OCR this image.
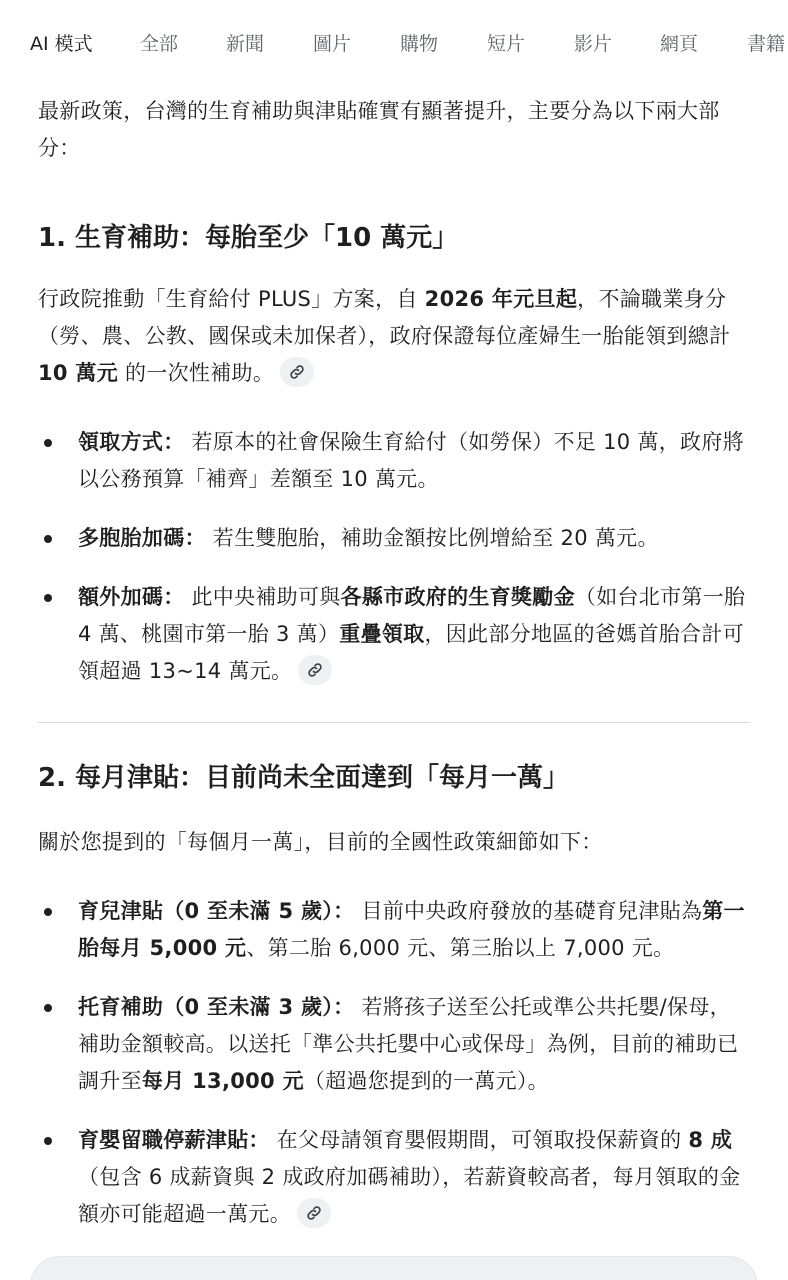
AI 模式 全部	新聞	圖片	購物	短片	影片	網頁	書籍

最新政策，台灣的生育補助與津貼確實有顯著提升，主要分為以下兩大部分：

1. 生育補助：每胎至少「10 萬元」

行政院推動「生育給付 PLUS」方案，自 2026 年元旦起，不論職業身分（勞、農、公教、國保或未加保者），政府保證每位產婦生一胎能領到總計 10 萬元 的一次性補助。

領取方式： 若原本的社會保險生育給付（如勞保）不足 10 萬，政府將以公務預算「補齊」差額至 10 萬元。
多胞胎加碼： 若生雙胞胎，補助金額按比例增給至 20 萬元。
額外加碼： 此中央補助可與各縣市政府的生育獎勵金（如台北市第一胎 4 萬、桃園市第一胎 3 萬）重疊領取，因此部分地區的爸媽首胎合計可領超過 13~14 萬元。
2. 每月津貼：目前尚未全面達到「每月一萬」

關於您提到的「每個月一萬」，目前的全國性政策細節如下：

育兒津貼（0 至未滿 5 歲）： 目前中央政府發放的基礎育兒津貼為第一胎每月 5,000 元、第二胎 6,000 元、第三胎以上 7,000 元。
托育補助（0 至未滿 3 歲）： 若將孩子送至公托或準公共托嬰/保母，補助金額較高。以送托「準公共托嬰中心或保母」為例，目前的補助已調升至每月 13,000 元（超過您提到的一萬元）。
育嬰留職停薪津貼： 在父母請領育嬰假期間，可領取投保薪資的 8 成（包含 6 成薪資與 2 成政府加碼補助），若薪資較高者，每月領取的金額亦可能超過一萬元。
